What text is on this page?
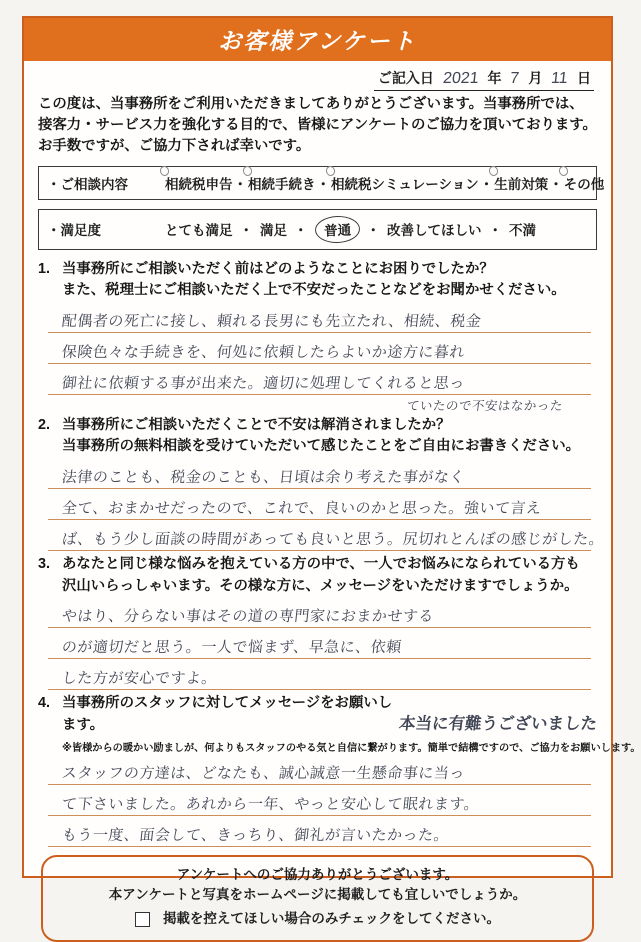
お客様アンケート
ご記入日 2021 年 7 月 11 日
この度は、当事務所をご利用いただきましてありがとうございます。当事務所では、接客力・サービス力を強化する目的で、皆様にアンケートのご協力を頂いております。お手数ですが、ご協力下されば幸いです。
・ご相談内容	相続税申告・
相続手続き・
相続税シミュレーション・
生前対策・
その他
・満足度	とても満足 ・ 満足 ・ 普通 ・ 改善してほしい ・ 不満
1. 当事務所にご相談いただく前はどのようなことにお困りでしたか？
また、税理士にご相談いただく上で不安だったことなどをお聞かせください。
配偶者の死亡に接し、頼れる長男にも先立たれ、相続、税金
保険色々な手続きを、何処に依頼したらよいか途方に暮れ
御社に依頼する事が出来た。適切に処理してくれると思っ
ていたので不安はなかった
2. 当事務所にご相談いただくことで不安は解消されましたか？
当事務所の無料相談を受けていただいて感じたことをご自由にお書きください。
法律のことも、税金のことも、日頃は余り考えた事がなく
全て、おまかせだったので、これで、良いのかと思った。強いて言え
ば、もう少し面談の時間があっても良いと思う。尻切れとんぼの感じがした。
3. あなたと同じ様な悩みを抱えている方の中で、一人でお悩みになられている方も
沢山いらっしゃいます。その様な方に、メッセージをいただけますでしょうか。
やはり、分らない事はその道の専門家におまかせする
のが適切だと思う。一人で悩まず、早急に、依頼
した方が安心ですよ。
4. 当事務所のスタッフに対してメッセージをお願いします。	本当に有難うございました
※皆様からの暖かい励ましが、何よりもスタッフのやる気と自信に繋がります。簡単で結構ですので、ご協力をお願いします。
スタッフの方達は、どなたも、誠心誠意一生懸命事に当っ
て下さいました。あれから一年、やっと安心して眠れます。
もう一度、面会して、きっちり、御礼が言いたかった。
アンケートへのご協力ありがとうございます。
本アンケートと写真をホームページに掲載しても宜しいでしょうか。
掲載を控えてほしい場合のみチェックをしてください。
